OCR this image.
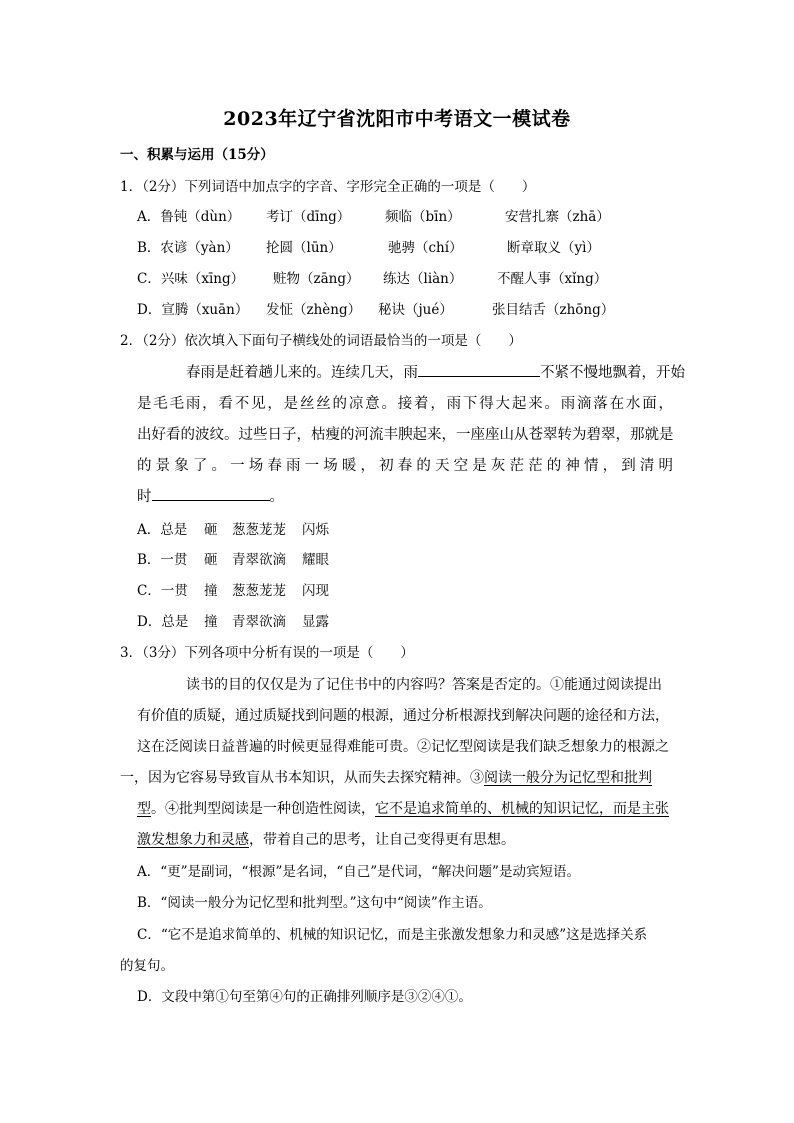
2023年辽宁省沈阳市中考语文一模试卷
一、积累与运用（15分）
1．（2分）下列词语中加点字的字音、字形完全正确的一项是（　　）
A．鲁钝（dùn） 考订（dīng）	频临（bīn）	安营扎寨（zhā）
B．农谚（yàn） 抡圆（lūn）	驰骋（chí）	断章取义（yì）
C．兴味（xīng） 赃物（zāng） 练达（liàn）	不醒人事（xǐng）
D．宣腾（xuān） 发怔（zhèng） 秘诀（jué）	张目结舌（zhōng）
2．（2分）依次填入下面句子横线处的词语最恰当的一项是（　　）
春雨是赶着趟儿来的。连续几天，雨	不紧不慢地飘着，开始
是毛毛雨，看不见，是丝丝的凉意。接着，雨下得大起来。雨滴落在水面，
出好看的波纹。过些日子，枯瘦的河流丰腴起来，一座座山从苍翠转为碧翠，那就是
的景象了。一场春雨一场暖，初春的天空是灰茫茫的神情，到清明
时	。
A．总是 砸 葱葱茏茏 闪烁
B．一贯 砸 青翠欲滴 耀眼
C．一贯 撞 葱葱茏茏 闪现
D．总是 撞 青翠欲滴 显露
3．（3分）下列各项中分析有误的一项是（　　）
读书的目的仅仅是为了记住书中的内容吗？答案是否定的。①能通过阅读提出
有价值的质疑，通过质疑找到问题的根源，通过分析根源找到解决问题的途径和方法，
这在泛阅读日益普遍的时候更显得难能可贵。②记忆型阅读是我们缺乏想象力的根源之
一，因为它容易导致盲从书本知识，从而失去探究精神。③阅读一般分为记忆型和批判
型。④批判型阅读是一种创造性阅读，它不是追求简单的、机械的知识记忆，而是主张
激发想象力和灵感，带着自己的思考，让自己变得更有思想。
A．“更”是副词，“根源”是名词，“自己”是代词，“解决问题”是动宾短语。
B．“阅读一般分为记忆型和批判型。”这句中“阅读”作主语。
C．“它不是追求简单的、机械的知识记忆，而是主张激发想象力和灵感”这是选择关系
的复句。
D．文段中第①句至第④句的正确排列顺序是③②④①。
